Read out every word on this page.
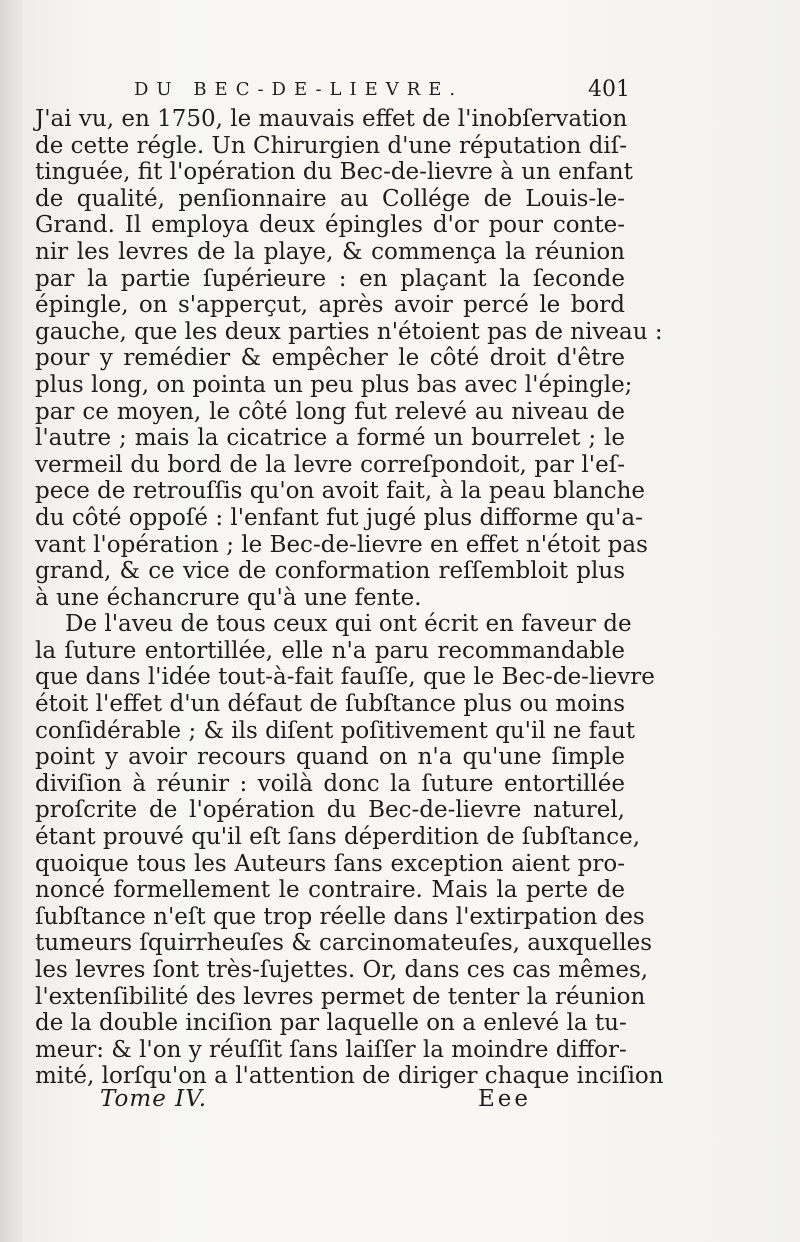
DU BEC-DE-LIEVRE.	401
J'ai vu, en 1750, le mauvais effet de l'inobſervation
de cette régle. Un Chirurgien d'une réputation diſ-
tinguée, fit l'opération du Bec-de-lievre à un enfant
de qualité, penſionnaire au Collége de Louis-le-
Grand. Il employa deux épingles d'or pour conte-
nir les levres de la playe, & commença la réunion
par la partie ſupérieure : en plaçant la ſeconde
épingle, on s'apperçut, après avoir percé le bord
gauche, que les deux parties n'étoient pas de niveau :
pour y remédier & empêcher le côté droit d'être
plus long, on pointa un peu plus bas avec l'épingle;
par ce moyen, le côté long fut relevé au niveau de
l'autre ; mais la cicatrice a formé un bourrelet ; le
vermeil du bord de la levre correſpondoit, par l'eſ-
pece de retrouſſis qu'on avoit fait, à la peau blanche
du côté oppoſé : l'enfant fut jugé plus difforme qu'a-
vant l'opération ; le Bec-de-lievre en effet n'étoit pas
grand, & ce vice de conformation reſſembloit plus
à une échancrure qu'à une fente.
De l'aveu de tous ceux qui ont écrit en faveur de
la ſuture entortillée, elle n'a paru recommandable
que dans l'idée tout-à-fait fauſſe, que le Bec-de-lievre
étoit l'effet d'un défaut de ſubſtance plus ou moins
conſidérable ; & ils diſent poſitivement qu'il ne faut
point y avoir recours quand on n'a qu'une ſimple
diviſion à réunir : voilà donc la ſuture entortillée
proſcrite de l'opération du Bec-de-lievre naturel,
étant prouvé qu'il eſt ſans déperdition de ſubſtance,
quoique tous les Auteurs ſans exception aient pro-
noncé formellement le contraire. Mais la perte de
ſubſtance n'eſt que trop réelle dans l'extirpation des
tumeurs ſquirrheuſes & carcinomateuſes, auxquelles
les levres ſont très-ſujettes. Or, dans ces cas mêmes,
l'extenſibilité des levres permet de tenter la réunion
de la double inciſion par laquelle on a enlevé la tu-
meur: & l'on y réuſſit ſans laiſſer la moindre diffor-
mité, lorſqu'on a l'attention de diriger chaque inciſion
Tome IV.	Eee
